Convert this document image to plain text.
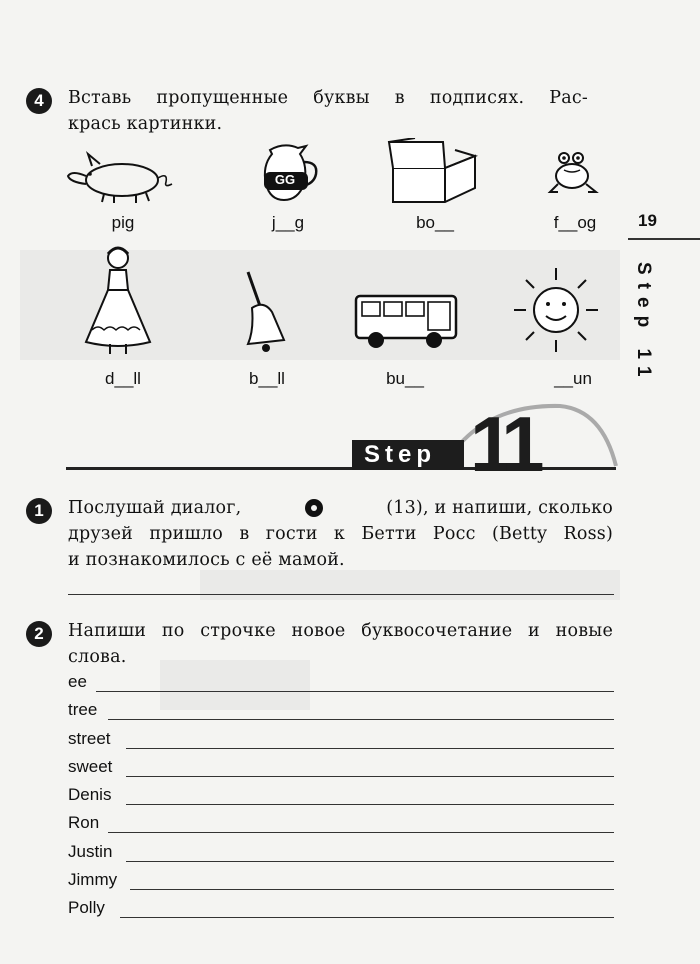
4	Вставь пропущенные буквы в подписях. Рас-
крась картинки.
GG
pig	j__g	bo__	f__og
d__ll	b__ll	bu__	__un
Step 11
19
Step 11
1	Послушай диалог,	(13), и напиши, сколько
друзей пришло в гости к Бетти Росс (Betty Ross)
и познакомилось с её мамой.
2	Напиши по строчке новое буквосочетание и новые
слова.
ee
tree
street
sweet
Denis
Ron
Justin
Jimmy
Polly
